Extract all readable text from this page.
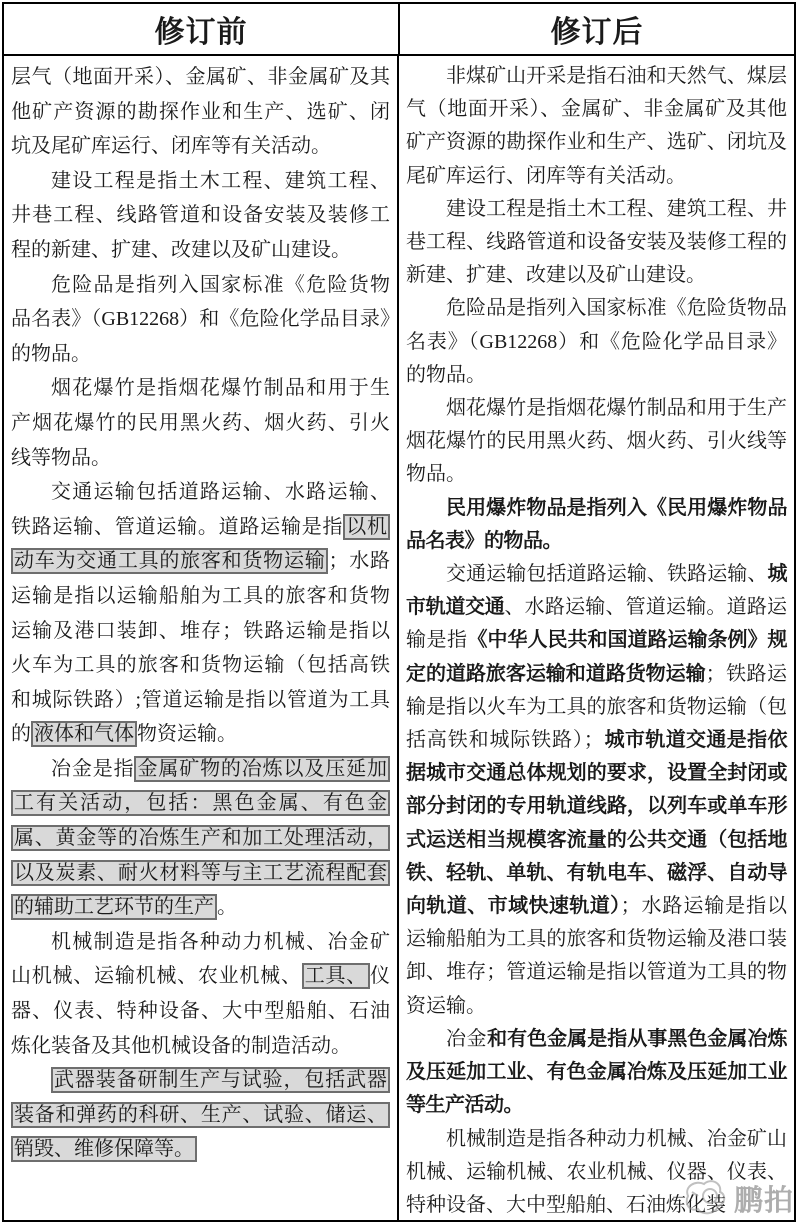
修订前	修订后

层气（地面开采）、金属矿、非金属矿及其他矿产资源的勘探作业和生产、选矿、闭坑及尾矿库运行、闭库等有关活动。

建设工程是指土木工程、建筑工程、井巷工程、线路管道和设备安装及装修工程的新建、扩建、改建以及矿山建设。

危险品是指列入国家标准《危险货物品名表》（GB12268）和《危险化学品目录》的物品。

烟花爆竹是指烟花爆竹制品和用于生产烟花爆竹的民用黑火药、烟火药、引火线等物品。

交通运输包括道路运输、水路运输、铁路运输、管道运输。道路运输是指 以机动车为交通工具的旅客和货物运输 ；水路运输是指以运输船舶为工具的旅客和货物运输及港口装卸、堆存；铁路运输是指以火车为工具的旅客和货物运输（包括高铁和城际铁路）;管道运输是指以管道为工具的 液体和气体 物资运输。

冶金是指 金属矿物的冶炼以及压延加工有关活动，包括：黑色金属、有色金属、黄金等的冶炼生产和加工处理活动，以及炭素、耐火材料等与主工艺流程配套的辅助工艺环节的生产 。

机械制造是指各种动力机械、冶金矿山机械、运输机械、农业机械、 工具、 仪器、仪表、特种设备、大中型船舶、石油炼化装备及其他机械设备的制造活动。

武器装备研制生产与试验，包括武器装备和弹药的科研、生产、试验、储运、销毁、维修保障等。

非煤矿山开采是指石油和天然气、煤层气（地面开采）、金属矿、非金属矿及其他矿产资源的勘探作业和生产、选矿、闭坑及尾矿库运行、闭库等有关活动。

建设工程是指土木工程、建筑工程、井巷工程、线路管道和设备安装及装修工程的新建、扩建、改建以及矿山建设。

危险品是指列入国家标准《危险货物品名表》（GB12268）和《危险化学品目录》的物品。

烟花爆竹是指烟花爆竹制品和用于生产烟花爆竹的民用黑火药、烟火药、引火线等物品。

民用爆炸物品是指列入《民用爆炸物品品名表》的物品。

交通运输包括道路运输、铁路运输、城市轨道交通、水路运输、管道运输。道路运输是指《中华人民共和国道路运输条例》规定的道路旅客运输和道路货物运输；铁路运输是指以火车为工具的旅客和货物运输（包括高铁和城际铁路）；城市轨道交通是指依据城市交通总体规划的要求，设置全封闭或部分封闭的专用轨道线路，以列车或单车形式运送相当规模客流量的公共交通（包括地铁、轻轨、单轨、有轨电车、磁浮、自动导向轨道、市域快速轨道）；水路运输是指以运输船舶为工具的旅客和货物运输及港口装卸、堆存；管道运输是指以管道为工具的物资运输。

冶金和有色金属是指从事黑色金属冶炼及压延加工业、有色金属冶炼及压延加工业等生产活动。

机械制造是指各种动力机械、冶金矿山机械、运输机械、农业机械、仪器、仪表、特种设备、大中型船舶、石油炼化装 鹏拍
